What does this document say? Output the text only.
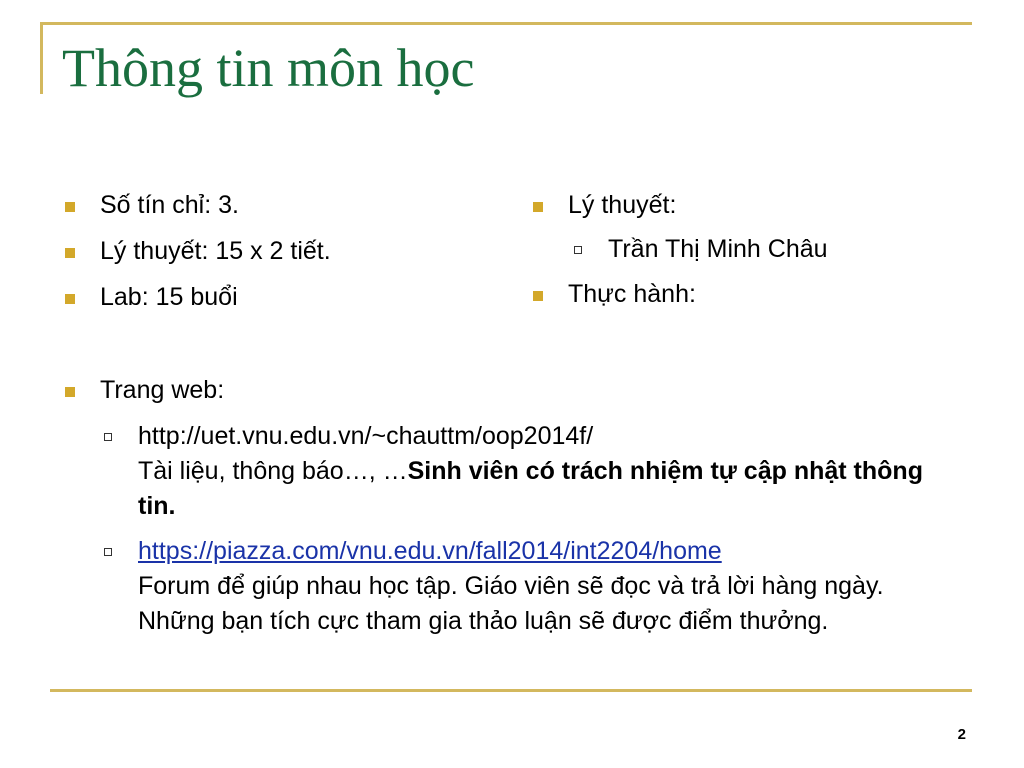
Thông tin môn học
Số tín chỉ: 3.
Lý thuyết: 15 x 2 tiết.
Lab: 15 buổi
Lý thuyết:
Trần Thị Minh Châu
Thực hành:
Trang web:
http://uet.vnu.edu.vn/~chauttm/oop2014f/
Tài liệu, thông báo…, …Sinh viên có trách nhiệm tự cập nhật thông tin.
https://piazza.com/vnu.edu.vn/fall2014/int2204/home
Forum để giúp nhau học tập. Giáo viên sẽ đọc và trả lời hàng ngày. Những bạn tích cực tham gia thảo luận sẽ được điểm thưởng.
2
